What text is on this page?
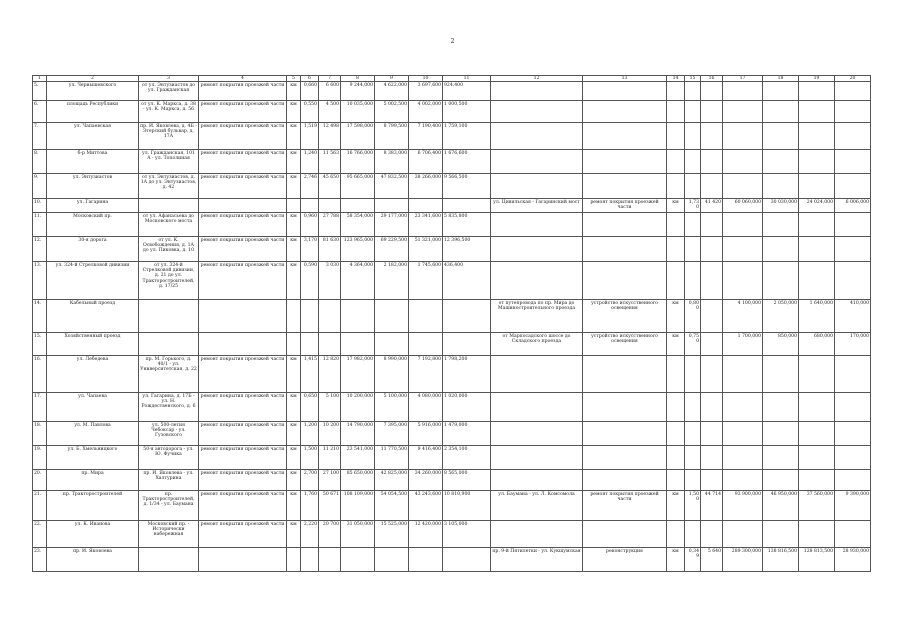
2
1	2	3	4	5	6	7	8	9	10	11	12	13	14	15	16	17	18	19	20
5.	ул. Чернышевского	от ул. Энтузиастов до ул. Гражданская	ремонт покрытия проезжей части	км	0,660	6 600	9 244,000	4 622,000	3 697,600	924,400									
6.	площадь Республики	от ул. К. Маркса, д. 38 - ул. К. Маркса, д. 56	ремонт покрытия проезжей части	км	0,550	4 500	10 035,000	5 002,500	4 002,000	1 000,500									
7.	ул. Чапаевская	пр. И. Яковлева, д. 4Б - Эгерский бульвар, д. 17А	ремонт покрытия проезжей части	км	1,519	12 498	17 598,000	8 799,500	7 190,400	1 759,100									
8.	б-р Миттова	ул. Гражданская, 101 А - ул. Тополиная	ремонт покрытия проезжей части	км	1,240	11 563	16 766,000	8 383,000	6 706,400	1 676,600									
9.	ул. Энтузиастов	от ул. Энтузиастов, д. 1А до ул. Энтузиастов, д. 42	ремонт покрытия проезжей части	км	2,746	45 650	95 665,000	47 832,500	38 266,000	9 566,500									
10.	ул. Гагарина										ул. Цивильская - Гагаринский мост	ремонт покрытия проезжей части	км	1,730	41 420	60 060,000	30 030,000	24 024,000	6 006,000
11.	Московский пр.	от ул. Афанасьева до Московского моста	ремонт покрытия проезжей части	км	0,960	27 788	58 354,000	29 177,000	23 341,600	5 835,800									
12.	30-я дорога	от ул. К. Освобождения, д. 1А до ул. Пиковка, д. 10	ремонт покрытия проезжей части	км	3,170	81 630	123 965,000	69 229,500	51 321,000	12 396,500									
13.	ул. 324-й Стрелковой дивизии	от ул. 324-й Стрелковой дивизии, д. 21 до ул. Тракторостроителей, д. 17/25	ремонт покрытия проезжей части	км	0,590	3 030	4 364,000	2 182,000	1 745,600	436,400									
14.	Кабельный проезд										от путепровода по пр. Мира до Машиностроительного проезда	устройство искусственного освещения	км	0,800		4 100,000	2 050,000	1 640,000	410,000
15.	Хозяйственный проезд										от Марпосадского шоссе до Складского проезда	устройство искусственного освещения	км	0,750		1 700,000	850,000	680,000	170,000
16.	ул. Лебедева	пр. М. Горького, д. 40/1 - ул. Университетская, д. 22	ремонт покрытия проезжей части	км	1,415	12 820	17 982,000	8 990,000	7 192,800	1 798,200									
17.	ул. Чапаева	ул. Гагарина, д. 17Б - ул. Н. Рождественского, д. 6	ремонт покрытия проезжей части	км	0,650	5 100	10 200,000	5 100,000	4 080,000	1 020,000									
18.	ул. М. Павлова	ул. 500-летия Чебоксар - ул. Гузовского	ремонт покрытия проезжей части	км	1,200	10 200	14 790,000	7 395,000	5 916,000	1 479,000									
19.	ул. Б. Хмельницкого	50-я автодорога - ул. Ю. Фучика	ремонт покрытия проезжей части	км	1,500	11 210	23 541,000	11 770,500	9 416,400	2 354,100									
20.	пр. Мира	пр. И. Яковлева - ул. Халтурина	ремонт покрытия проезжей части	км	2,700	27 100	85 650,000	42 825,000	34 260,000	8 565,000									
21.	пр. Тракторостроителей	пр. Тракторостроителей, д. 1/34 - ул. Баумана	ремонт покрытия проезжей части	км	1,760	50 671	108 109,000	54 054,500	43 243,600	10 810,900	ул. Баумана - ул. Л. Комсомола	ремонт покрытия проезжей части	км	1,500	44 714	93 900,000	46 950,000	37 560,000	9 390,000
22.	ул. К. Иванова	Московский пр. - Исторически набережная	ремонт покрытия проезжей части	км	2,220	20 700	31 050,000	15 525,000	12 420,000	3 105,000									
23.	пр. И. Яковлева										пр. 9-й Пятилетки - ул. Кукшумская	реконструкция	км	0,349	5 640	289 300,000	138 816,500	128 813,500	28 930,000
